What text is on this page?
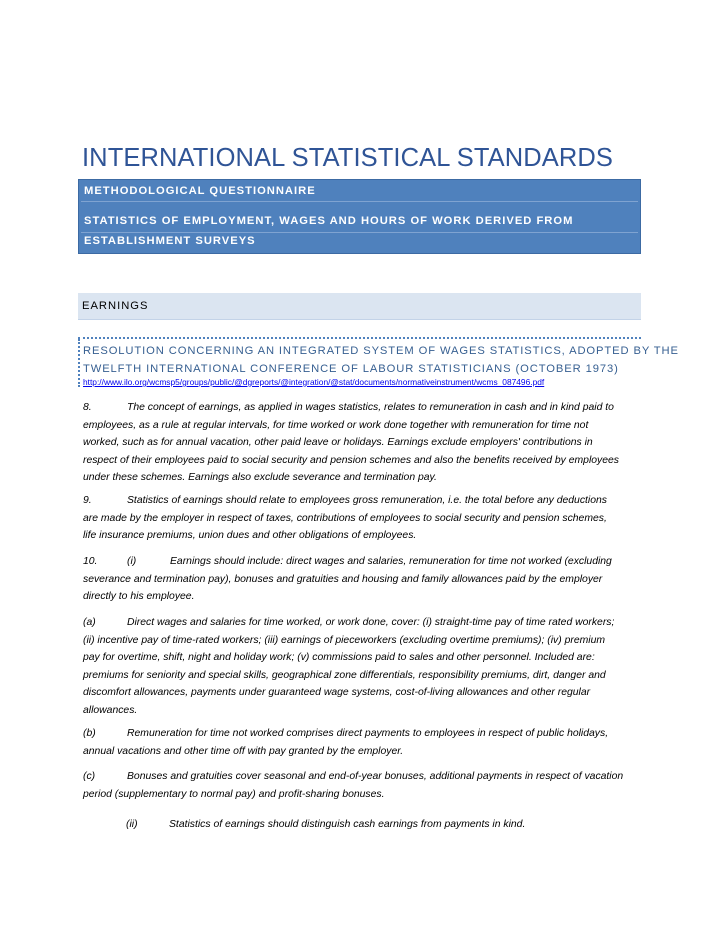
INTERNATIONAL STATISTICAL STANDARDS
METHODOLOGICAL QUESTIONNAIRE
STATISTICS OF EMPLOYMENT, WAGES AND HOURS OF WORK DERIVED FROM
ESTABLISHMENT SURVEYS
EARNINGS
RESOLUTION CONCERNING AN INTEGRATED SYSTEM OF WAGES STATISTICS, ADOPTED BY THE
TWELFTH INTERNATIONAL CONFERENCE OF LABOUR STATISTICIANS (OCTOBER 1973)
http://www.ilo.org/wcmsp5/groups/public/@dgreports/@integration/@stat/documents/normativeinstrument/wcms_087496.pdf
8.	The concept of earnings, as applied in wages statistics, relates to remuneration in cash and in kind paid to
employees, as a rule at regular intervals, for time worked or work done together with remuneration for time not
worked, such as for annual vacation, other paid leave or holidays. Earnings exclude employers' contributions in
respect of their employees paid to social security and pension schemes and also the benefits received by employees
under these schemes. Earnings also exclude severance and termination pay.
9.	Statistics of earnings should relate to employees gross remuneration, i.e. the total before any deductions
are made by the employer in respect of taxes, contributions of employees to social security and pension schemes,
life insurance premiums, union dues and other obligations of employees.
10.	(i)	Earnings should include: direct wages and salaries, remuneration for time not worked (excluding
severance and termination pay), bonuses and gratuities and housing and family allowances paid by the employer
directly to his employee.
(a)	Direct wages and salaries for time worked, or work done, cover: (i) straight-time pay of time rated workers;
(ii) incentive pay of time-rated workers; (iii) earnings of pieceworkers (excluding overtime premiums); (iv) premium
pay for overtime, shift, night and holiday work; (v) commissions paid to sales and other personnel. Included are:
premiums for seniority and special skills, geographical zone differentials, responsibility premiums, dirt, danger and
discomfort allowances, payments under guaranteed wage systems, cost-of-living allowances and other regular
allowances.
(b)	Remuneration for time not worked comprises direct payments to employees in respect of public holidays,
annual vacations and other time off with pay granted by the employer.
(c)	Bonuses and gratuities cover seasonal and end-of-year bonuses, additional payments in respect of vacation
period (supplementary to normal pay) and profit-sharing bonuses.
(ii)	Statistics of earnings should distinguish cash earnings from payments in kind.
